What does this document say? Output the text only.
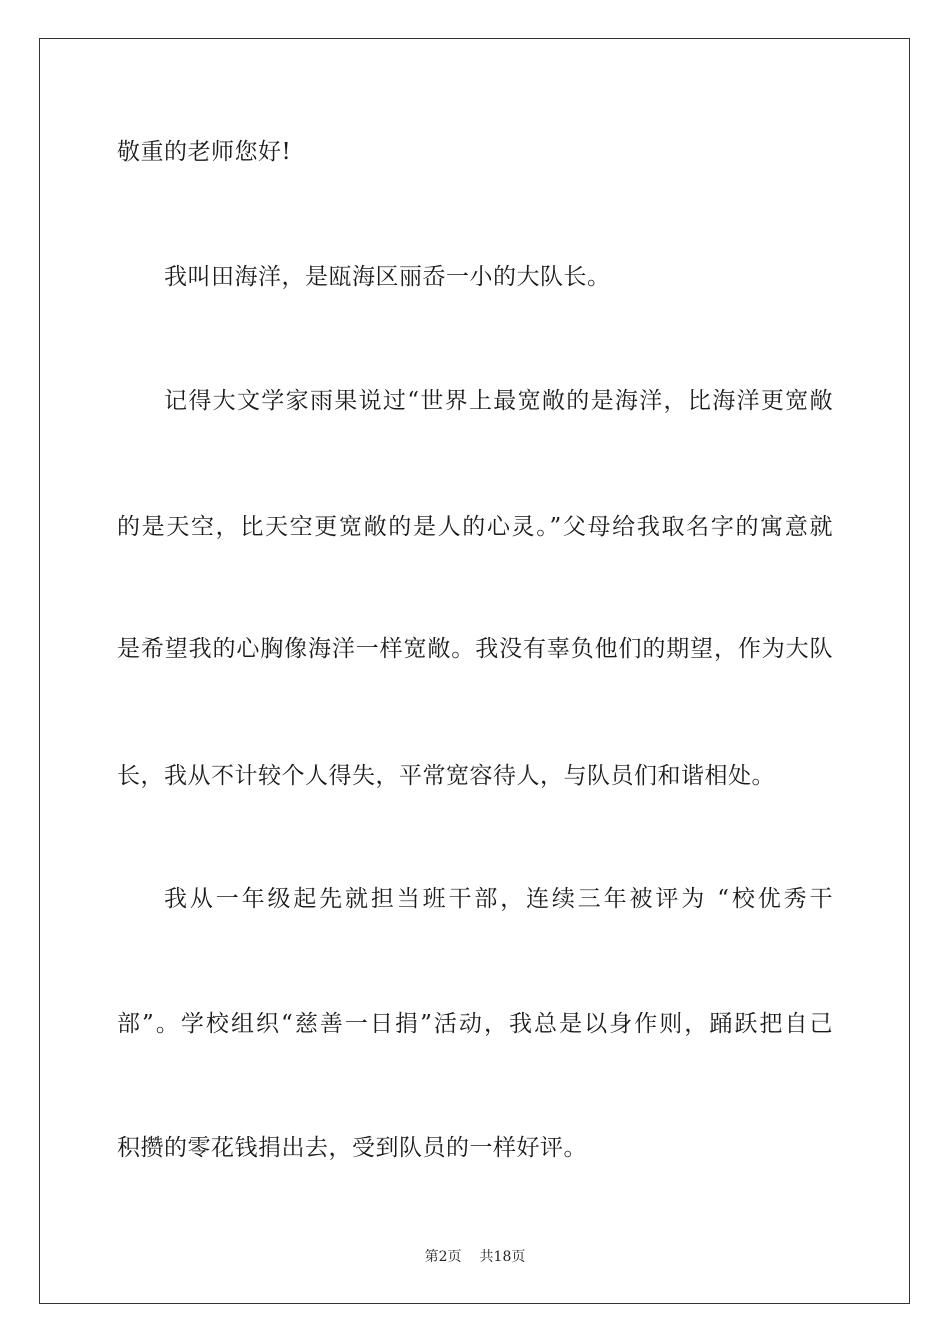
敬重的老师您好!
我叫田海洋，是瓯海区丽岙一小的大队长。
记得大文学家雨果说过“世界上最宽敞的是海洋，比海洋更宽敞
的是天空，比天空更宽敞的是人的心灵。”父母给我取名字的寓意就
是希望我的心胸像海洋一样宽敞。我没有辜负他们的期望，作为大队
长，我从不计较个人得失，平常宽容待人，与队员们和谐相处。
我从一年级起先就担当班干部，连续三年被评为 “校优秀干
部”。学校组织“慈善一日捐”活动，我总是以身作则，踊跃把自己
积攒的零花钱捐出去，受到队员的一样好评。
第2页 共18页
